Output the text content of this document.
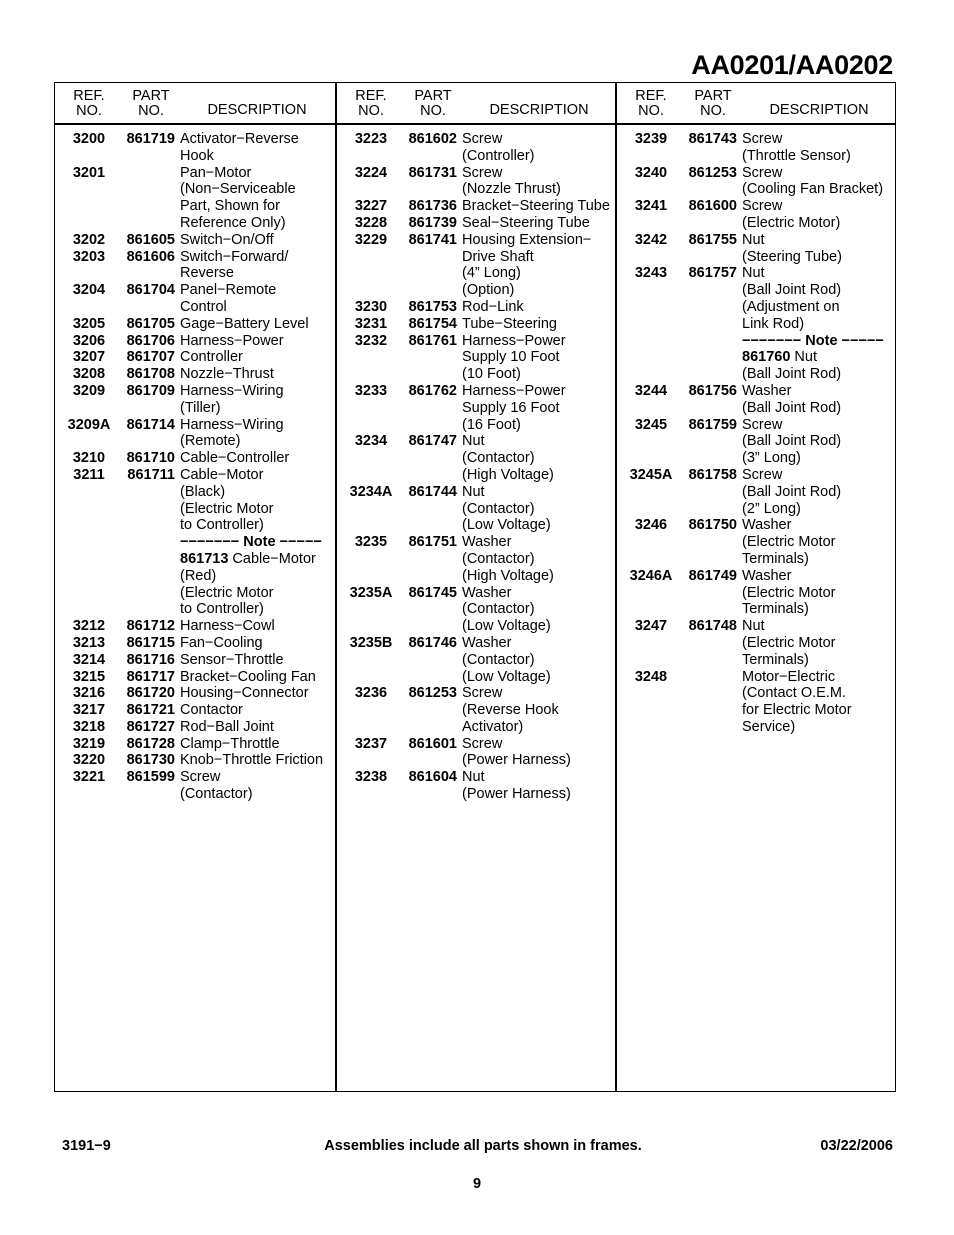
AA0201/AA0202
REF.
NO.
PART
NO.	DESCRIPTION
3200	861719 Activator−Reverse
Hook
3201	Pan−Motor
(Non−Serviceable
Part, Shown for
Reference Only)
3202	861605 Switch−On/Off
3203	861606 Switch−Forward/
Reverse
3204	861704 Panel−Remote
Control
3205	861705 Gage−Battery Level
3206	861706 Harness−Power
3207	861707 Controller
3208	861708 Nozzle−Thrust
3209	861709 Harness−Wiring
(Tiller)
3209A	861714 Harness−Wiring
(Remote)
3210	861710 Cable−Controller
3211	861711 Cable−Motor
(Black)
(Electric Motor
to Controller)
−−−−−−− Note −−−−−
861713 Cable−Motor
(Red)
(Electric Motor
to Controller)
3212	861712 Harness−Cowl
3213	861715 Fan−Cooling
3214	861716 Sensor−Throttle
3215	861717 Bracket−Cooling Fan
3216	861720 Housing−Connector
3217	861721 Contactor
3218	861727 Rod−Ball Joint
3219	861728 Clamp−Throttle
3220	861730 Knob−Throttle Friction
3221	861599 Screw
(Contactor)
REF.
NO.
PART
NO.	DESCRIPTION
3223	861602 Screw
(Controller)
3224	861731 Screw
(Nozzle Thrust)
3227	861736 Bracket−Steering Tube
3228	861739 Seal−Steering Tube
3229	861741 Housing Extension−
Drive Shaft
(4” Long)
(Option)
3230	861753 Rod−Link
3231	861754 Tube−Steering
3232	861761 Harness−Power
Supply 10 Foot
(10 Foot)
3233	861762 Harness−Power
Supply 16 Foot
(16 Foot)
3234	861747 Nut
(Contactor)
(High Voltage)
3234A	861744 Nut
(Contactor)
(Low Voltage)
3235	861751 Washer
(Contactor)
(High Voltage)
3235A	861745 Washer
(Contactor)
(Low Voltage)
3235B	861746 Washer
(Contactor)
(Low Voltage)
3236	861253 Screw
(Reverse Hook
Activator)
3237	861601 Screw
(Power Harness)
3238	861604 Nut
(Power Harness)
REF.
NO.
PART
NO.	DESCRIPTION
3239	861743 Screw
(Throttle Sensor)
3240	861253 Screw
(Cooling Fan Bracket)
3241	861600 Screw
(Electric Motor)
3242	861755 Nut
(Steering Tube)
3243	861757 Nut
(Ball Joint Rod)
(Adjustment on
Link Rod)
−−−−−−− Note −−−−−
861760 Nut
(Ball Joint Rod)
3244	861756 Washer
(Ball Joint Rod)
3245	861759 Screw
(Ball Joint Rod)
(3” Long)
3245A	861758 Screw
(Ball Joint Rod)
(2” Long)
3246	861750 Washer
(Electric Motor
Terminals)
3246A	861749 Washer
(Electric Motor
Terminals)
3247	861748 Nut
(Electric Motor
Terminals)
3248	Motor−Electric
(Contact O.E.M.
for Electric Motor
Service)
3191−9	Assemblies include all parts shown in frames.	03/22/2006
9
